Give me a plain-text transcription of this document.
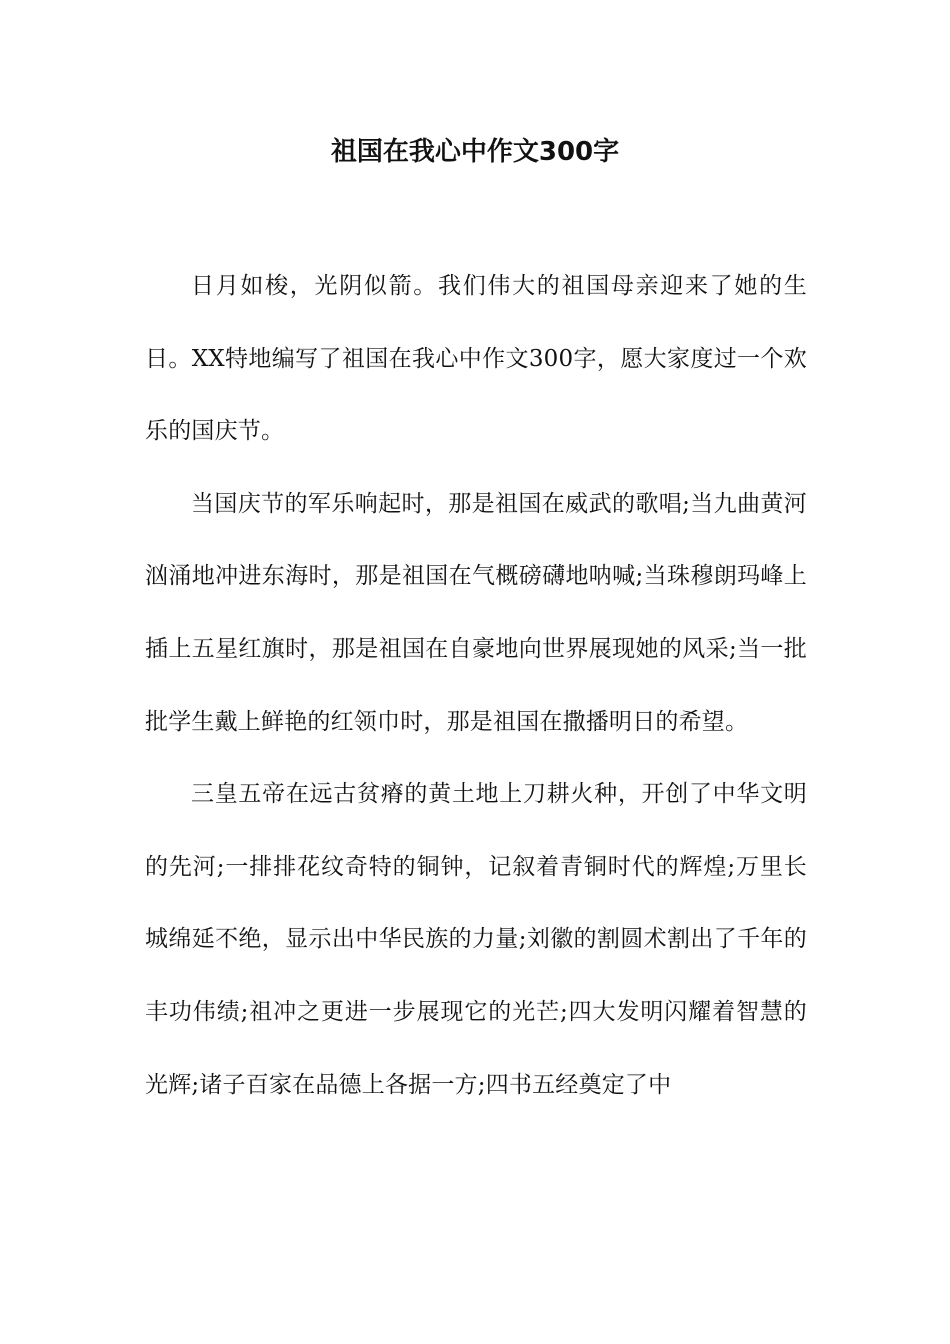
祖国在我心中作文300字

日月如梭，光阴似箭。我们伟大的祖国母亲迎来了她的生日。XX特地编写了祖国在我心中作文300字，愿大家度过一个欢乐的国庆节。

当国庆节的军乐响起时，那是祖国在威武的歌唱;当九曲黄河汹涌地冲进东海时，那是祖国在气概磅礴地呐喊;当珠穆朗玛峰上插上五星红旗时，那是祖国在自豪地向世界展现她的风采;当一批批学生戴上鲜艳的红领巾时，那是祖国在撒播明日的希望。

三皇五帝在远古贫瘠的黄土地上刀耕火种，开创了中华文明的先河;一排排花纹奇特的铜钟，记叙着青铜时代的辉煌;万里长城绵延不绝，显示出中华民族的力量;刘徽的割圆术割出了千年的丰功伟绩;祖冲之更进一步展现它的光芒;四大发明闪耀着智慧的光辉;诸子百家在品德上各据一方;四书五经奠定了中
